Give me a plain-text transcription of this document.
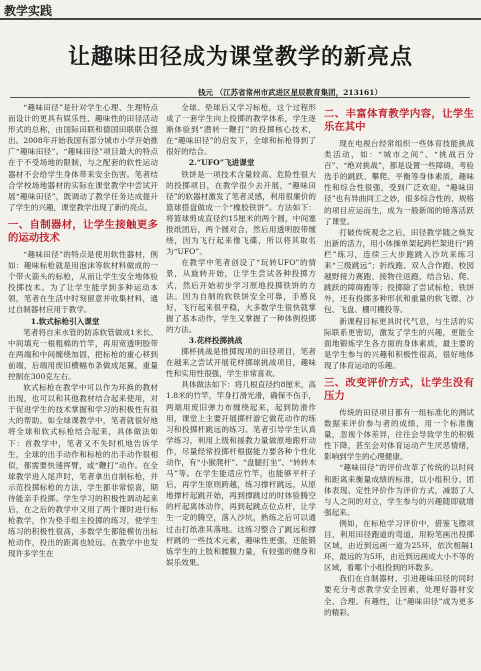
教学实践
让趣味田径成为课堂教学的新亮点
钱元 （江苏省常州市武进区星辰教育集团，213161）

“趣味田径”是针对学生心理、生理特点而设计的更具有娱乐性、趣味性的田径活动形式的总称，由国际田联和德国田联联合提出。2008年开始我国有部分城市小学开始推广“趣味田径”。“趣味田径”项目最大的特点在于不受场地的限制，与之配套的软性运动器材不会给学生身体带来安全伤害。笔者结合学校场地器材的实际在课堂教学中尝试开展“趣味田径”，既调动了教学任务达成提升了学生的兴趣，课堂教学出现了新的亮点。

一、自制器材，让学生接触更多的运动技术

“趣味田径”的特点是使用软性器材，例如：趣味标枪就是用泡沫等软材料做成的一个带火箭头的标枪，从而让学生安全地体验投掷技术。为了让学生能学到多种运动本领，笔者在生活中时刻留意并收集材料，通过自制器材应用于教学。

1.软式标枪引入课堂

笔者将自来水管的防冻软管做成1米长、中间填充一根粗棉的竹竿，再用宽透明胶带在两端和中间缠绕加固，把标枪的重心移到前端，后端用废旧横幅布条做成尾翼，重量控制在300克左右。

软式标枪在教学中可以作为环换的教材出现，也可以和其他教材结合起来使用，对于促进学生的技术掌握和学习的积极性有很大的帮助。如全球课教学中，笔者就很好地将全球和软式标枪结合起来，具体做法如下：首教学中，笔者又不失时机地告诉学生，全球的出手动作和标枪的出手动作很相似，都需要快速挥臂，或“鞭打”动作。在全球教学进入尾声时，笔者拿出自制标枪，并示范投掷标枪的方法，学生都非常惊喜，期待能亲手投掷。学生学习的积极性调动起来后，在之后的教学中又用了两个课时进行标枪教学，作为垫手组主投掷的练习，使学生练习的积极性很高，多数学生都能模仿出标枪动作，投出的距离也较远。在教学中也发现许多学生在

全球、垫球后又学习标枪，这个过程形成了一套学生向上投掷的教学体系，学生逐渐体验到“潜转一鞭打”的投掷核心技术，在“趣味田径”的启发下，全球和标枪得到了很好的结合。

2.“UFO”飞进课堂

铁饼是一项技术含量较高、危险性很大的投掷项目，在教学很少去开展，“趣味田径”的软器材激发了笔者灵感，利用很廉价的篮球搭盘做成一个“橡胶铁饼”。方法如下：将篮球剪成直径约15厘米的两个圆，中间塞报纸团后，两个圆对合，然后用透明胶带缠绕，因为飞行起来像飞碟，所以将其取名为“UFO”。

在教学中笔者创设了“玩转UFO”的情景，从旋转开始，让学生尝试各种投掷方式，然后开始初步学习原地投掷铁饼的方法。因为自制的软铁饼安全可靠，手感良好，飞行起来很平稳，大多数学生很快就掌握了基本动作，学生又掌握了一种体例投掷的方法。

3.花样投掷挑战

掷杯挑战是推掷现项的田径项目，笔者在越来之尝试开展花样掷球挑战项目，趣味性和实用性很强，学生非常喜欢。

具体做法如下：将几根直径约8厘米，高1.8米的竹竿，竿身打滑光滑，确保不伤手，两端用废旧弹力布缠绕起来，起到防滑作用，课堂上主要开展掷杆游它做花动作的练习和投掷杆跳远的练习。笔者引导学生认真学练习，利用上级和援教力量做原地跟杆动作，尽量经常投掷杆根据能力要各种个性化动作，有“小猴爬杆”、“盘腿打坐”、“转转木马”等。在学生能适应竹竿，也能够平杆子后，再学生原则跨越，练习撑杆跳远，从原地撑杆起跳开始，再到撑跳过的时体验腾空的杆起离体动作，再到起跳点位点杆，让学生一定的腾空，落入沙坑，熟练之后可以通过击打纸准其落地。这练习整合了跳远和撑杆跳的一些技术元素，趣味性更强，还能锻炼学生的上肢和腰腹力量，有较强的健身和娱乐效果。

二、丰富体育教学内容，让学生乐在其中

现在电视台经常组织一些体育技能挑战类活动，如：“城市之间”、“挑战百分百”、“绝对挑战”，都是设置一些障碍，考验选手的跳跃、攀爬、平衡等身体素质，趣味性和综合性很强，受到广泛欢迎。“趣味田径”也有异曲同工之妙，很多综合性的、规格的项目应运而生，成为一般新闻的暗落活跃了课堂。

打破传统观念之后，田径教学随之焕发出新的活力，用小体操单架起跨栏架进行“跨栏”练习，连续三大步跑跳入沙坑来练习来“三级跳远”；折线跑、双人合作跑、校园越野接力赛跑、接物往返跑、结合钻、爬、跳跃的障碍跑等；投掷除了尝试标枪、铁饼外，还有投掷多种形状和重量的软飞镖、沙包、飞盘、棚可棚投等。

新课程目标更具时代气息，与生活的实际联系更密切，激发了学生的兴趣，更能全面地锻炼学生各方面的身体素质，最主要的是学生参与的兴趣和积极性很高，很好地体现了体育运动的乐趣。

三、改变评价方式，让学生没有压力

传统的田径项目都有一组标准化的测试数据来评价参与者的成绩，用一个标准衡量，忽视个体差异，往往会导致学生的积极性下降，甚至会对体育运动产生厌恶情绪，影响到学生的心理健康。

“趣味田径”的评价改革了传统的以时间和距离来衡量成绩的标准，以小组积分、团体表现、定性评价作为评价方式，减弱了人与人之间的对立，学生参与的兴趣随即就增强起来。

例如，在标枪学习评价中，借鉴飞镖项目，利用田径跑道的弯道，用粉笔画出投掷区域，由近到远画一道为25环，依次相隔1环，最远的为5环，由近到远画成大小不等的区域，看哪个小组投到的环数多。

我们在自制器材、引进趣味田径的同时要充分考虑教学安全因素，处理好器材安全、合理、有趣性，让“趣味田径”成为更多的精彩。
